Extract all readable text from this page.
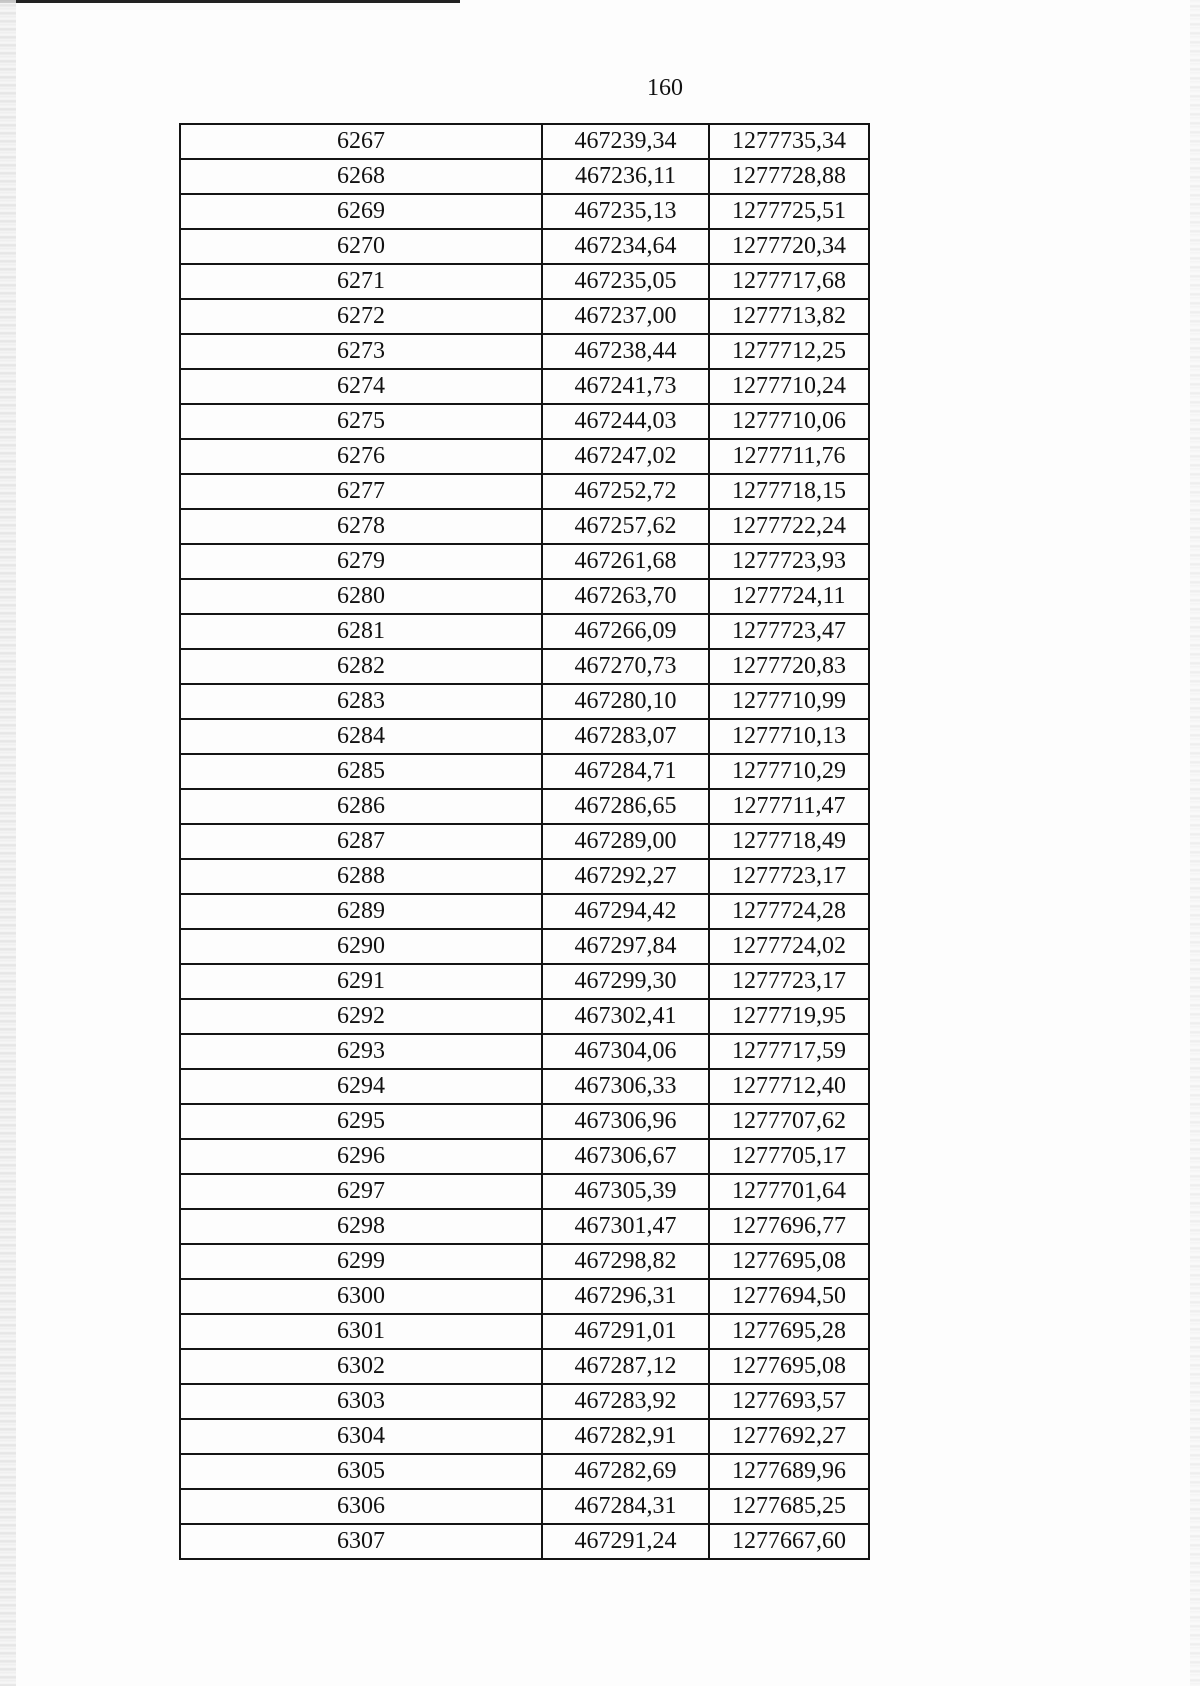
160
6267	467239,34	1277735,34
6268	467236,11	1277728,88
6269	467235,13	1277725,51
6270	467234,64	1277720,34
6271	467235,05	1277717,68
6272	467237,00	1277713,82
6273	467238,44	1277712,25
6274	467241,73	1277710,24
6275	467244,03	1277710,06
6276	467247,02	1277711,76
6277	467252,72	1277718,15
6278	467257,62	1277722,24
6279	467261,68	1277723,93
6280	467263,70	1277724,11
6281	467266,09	1277723,47
6282	467270,73	1277720,83
6283	467280,10	1277710,99
6284	467283,07	1277710,13
6285	467284,71	1277710,29
6286	467286,65	1277711,47
6287	467289,00	1277718,49
6288	467292,27	1277723,17
6289	467294,42	1277724,28
6290	467297,84	1277724,02
6291	467299,30	1277723,17
6292	467302,41	1277719,95
6293	467304,06	1277717,59
6294	467306,33	1277712,40
6295	467306,96	1277707,62
6296	467306,67	1277705,17
6297	467305,39	1277701,64
6298	467301,47	1277696,77
6299	467298,82	1277695,08
6300	467296,31	1277694,50
6301	467291,01	1277695,28
6302	467287,12	1277695,08
6303	467283,92	1277693,57
6304	467282,91	1277692,27
6305	467282,69	1277689,96
6306	467284,31	1277685,25
6307	467291,24	1277667,60
